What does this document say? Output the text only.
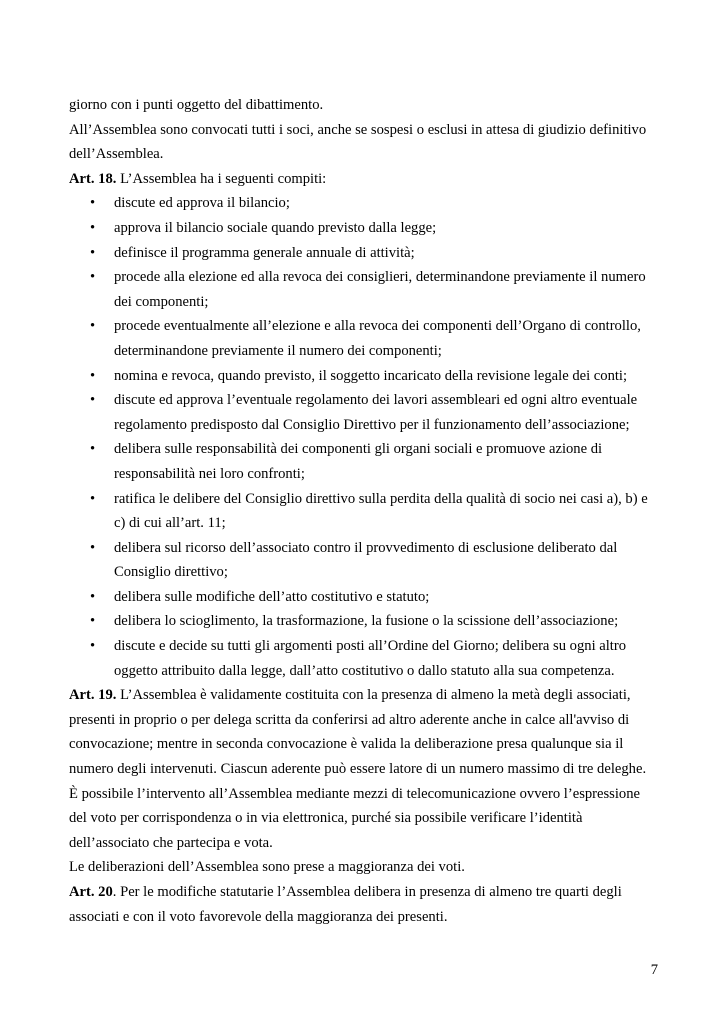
giorno con i punti oggetto del dibattimento.

All’Assemblea sono convocati tutti i soci, anche se sospesi o esclusi in attesa di giudizio definitivo dell’Assemblea.

Art. 18. L’Assemblea ha i seguenti compiti:

• discute ed approva il bilancio;
• approva il bilancio sociale quando previsto dalla legge;
• definisce il programma generale annuale di attività;
• procede alla elezione ed alla revoca dei consiglieri, determinandone previamente il numero dei componenti;
• procede eventualmente all’elezione e alla revoca dei componenti dell’Organo di controllo, determinandone previamente il numero dei componenti;
• nomina e revoca, quando previsto, il soggetto incaricato della revisione legale dei conti;
• discute ed approva l’eventuale regolamento dei lavori assembleari ed ogni altro eventuale regolamento predisposto dal Consiglio Direttivo per il funzionamento dell’associazione;
• delibera sulle responsabilità dei componenti gli organi sociali e promuove azione di responsabilità nei loro confronti;
• ratifica le delibere del Consiglio direttivo sulla perdita della qualità di socio nei casi a), b) e c) di cui all’art. 11;
• delibera sul ricorso dell’associato contro il provvedimento di esclusione deliberato dal Consiglio direttivo;
• delibera sulle modifiche dell’atto costitutivo e statuto;
• delibera lo scioglimento, la trasformazione, la fusione o la scissione dell’associazione;
• discute e decide su tutti gli argomenti posti all’Ordine del Giorno; delibera su ogni altro oggetto attribuito dalla legge, dall’atto costitutivo o dallo statuto alla sua competenza.

Art. 19. L’Assemblea è validamente costituita con la presenza di almeno la metà degli associati, presenti in proprio o per delega scritta da conferirsi ad altro aderente anche in calce all'avviso di convocazione; mentre in seconda convocazione è valida la deliberazione presa qualunque sia il numero degli intervenuti. Ciascun aderente può essere latore di un numero massimo di tre deleghe.

È possibile l’intervento all’Assemblea mediante mezzi di telecomunicazione ovvero l’espressione del voto per corrispondenza o in via elettronica, purché sia possibile verificare l’identità dell’associato che partecipa e vota.

Le deliberazioni dell’Assemblea sono prese a maggioranza dei voti.

Art. 20. Per le modifiche statutarie l’Assemblea delibera in presenza di almeno tre quarti degli associati e con il voto favorevole della maggioranza dei presenti.

7
